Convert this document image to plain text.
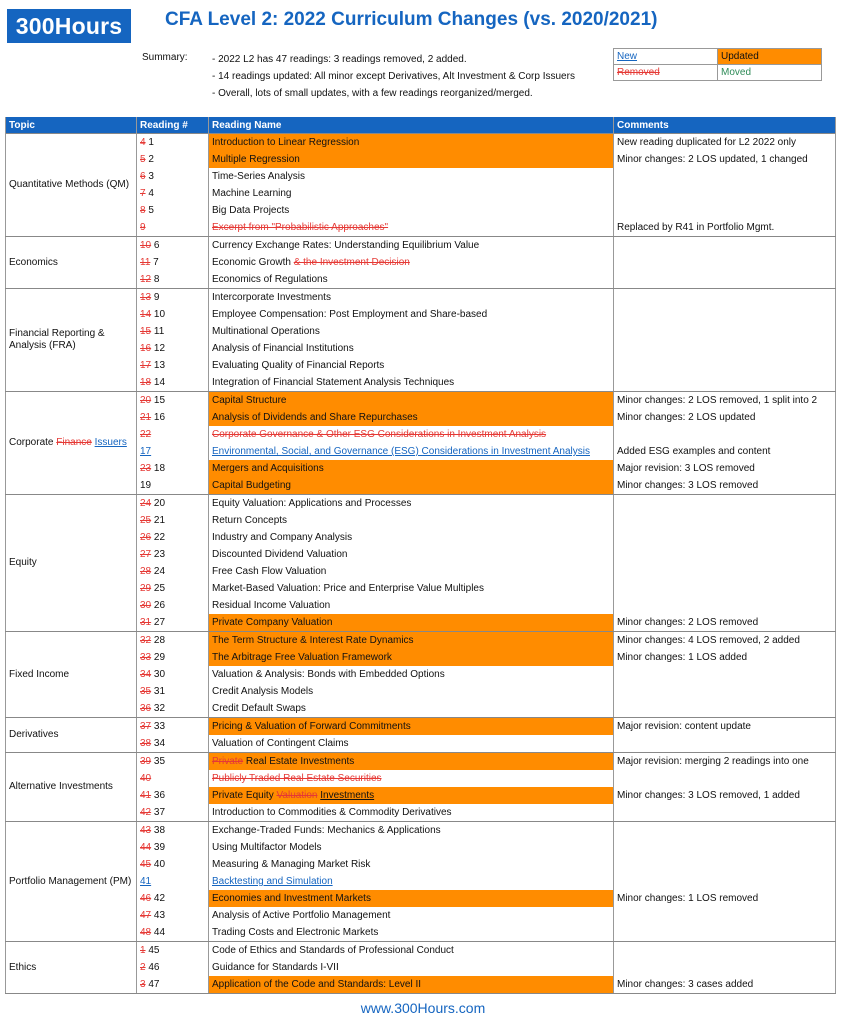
300Hours	CFA Level 2: 2022 Curriculum Changes (vs. 2020/2021)
Summary: - 2022 L2 has 47 readings: 3 readings removed, 2 added.
- 14 readings updated: All minor except Derivatives, Alt Investment & Corp Issuers
- Overall, lots of small updates, with a few readings reorganized/merged.
New	Updated
Removed	Moved
Topic	Reading #	Reading Name	Comments
Quantitative Methods (QM)	4 1	Introduction to Linear Regression	New reading duplicated for L2 2022 only
	5 2	Multiple Regression	Minor changes: 2 LOS updated, 1 changed
	6 3	Time-Series Analysis	
	7 4	Machine Learning	
	8 5	Big Data Projects	
	9	Excerpt from "Probabilistic Approaches"	Replaced by R41 in Portfolio Mgmt.
Economics	10 6	Currency Exchange Rates: Understanding Equilibrium Value	
	11 7	Economic Growth & the Investment Decision	
	12 8	Economics of Regulations	
Financial Reporting & Analysis (FRA)	13 9	Intercorporate Investments	
	14 10	Employee Compensation: Post Employment and Share-based	
	15 11	Multinational Operations	
	16 12	Analysis of Financial Institutions	
	17 13	Evaluating Quality of Financial Reports	
	18 14	Integration of Financial Statement Analysis Techniques	
Corporate Finance Issuers	20 15	Capital Structure	Minor changes: 2 LOS removed, 1 split into 2
	21 16	Analysis of Dividends and Share Repurchases	Minor changes: 2 LOS updated
	22	Corporate Governance & Other ESG Considerations in Investment Analysis	
	17	Environmental, Social, and Governance (ESG) Considerations in Investment Analysis	Added ESG examples and content
	23 18	Mergers and Acquisitions	Major revision: 3 LOS removed
	19	Capital Budgeting	Minor changes: 3 LOS removed
Equity	24 20	Equity Valuation: Applications and Processes	
	25 21	Return Concepts	
	26 22	Industry and Company Analysis	
	27 23	Discounted Dividend Valuation	
	28 24	Free Cash Flow Valuation	
	29 25	Market-Based Valuation: Price and Enterprise Value Multiples	
	30 26	Residual Income Valuation	
	31 27	Private Company Valuation	Minor changes: 2 LOS removed
Fixed Income	32 28	The Term Structure & Interest Rate Dynamics	Minor changes: 4 LOS removed, 2 added
	33 29	The Arbitrage Free Valuation Framework	Minor changes: 1 LOS added
	34 30	Valuation & Analysis: Bonds with Embedded Options	
	35 31	Credit Analysis Models	
	36 32	Credit Default Swaps	
Derivatives	37 33	Pricing & Valuation of Forward Commitments	Major revision: content update
	38 34	Valuation of Contingent Claims	
Alternative Investments	39 35	Private Real Estate Investments	Major revision: merging 2 readings into one
	40	Publicly Traded Real Estate Securities	
	41 36	Private Equity Valuation Investments	Minor changes: 3 LOS removed, 1 added
	42 37	Introduction to Commodities & Commodity Derivatives	
Portfolio Management (PM)	43 38	Exchange-Traded Funds: Mechanics & Applications	
	44 39	Using Multifactor Models	
	45 40	Measuring & Managing Market Risk	
	41	Backtesting and Simulation	
	46 42	Economies and Investment Markets	Minor changes: 1 LOS removed
	47 43	Analysis of Active Portfolio Management	
	48 44	Trading Costs and Electronic Markets	
Ethics	1 45	Code of Ethics and Standards of Professional Conduct	
	2 46	Guidance for Standards I-VII	
	3 47	Application of the Code and Standards: Level II	Minor changes: 3 cases added
www.300Hours.com
